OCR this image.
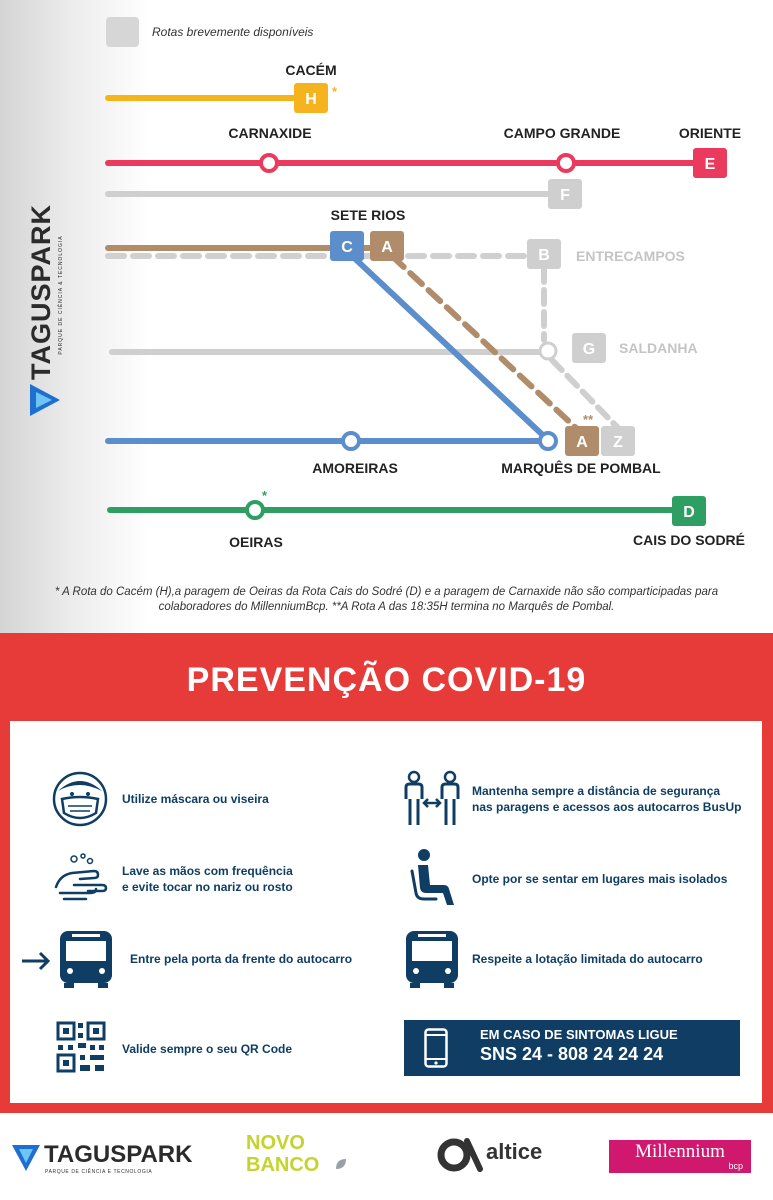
Rotas brevemente disponíveis
H *
E
F
C A	B
G
A
**
Z
D
*
CACÉM
CARNAXIDE	CAMPO GRANDE	ORIENTE
SETE RIOS
ENTRECAMPOS
SALDANHA
AMOREIRAS	MARQUÊS DE POMBAL
OEIRAS	CAIS DO SODRÉ
TAGUSPARK PARQUE DE CIÊNCIA & TECNOLOGIA
* A Rota do Cacém (H),a paragem de Oeiras da Rota Cais do Sodré (D) e a paragem de Carnaxide não são comparticipadas para colaboradores do MillenniumBcp. **A Rota A das 18:35H termina no Marquês de Pombal.
PREVENÇÃO COVID-19
Utilize máscara ou viseira
Lave as mãos com frequência
e evite tocar no nariz ou rosto
Entre pela porta da frente do autocarro
Valide sempre o seu QR Code
Mantenha sempre a distância de segurança
nas paragens e acessos aos autocarros BusUp
Opte por se sentar em lugares mais isolados
Respeite a lotação limitada do autocarro
EM CASO DE SINTOMAS LIGUE
SNS 24 - 808 24 24 24
TAGUSPARK
PARQUE DE CIÊNCIA E TECNOLOGIA
NOVO
BANCO
altice	Millennium
bcp
